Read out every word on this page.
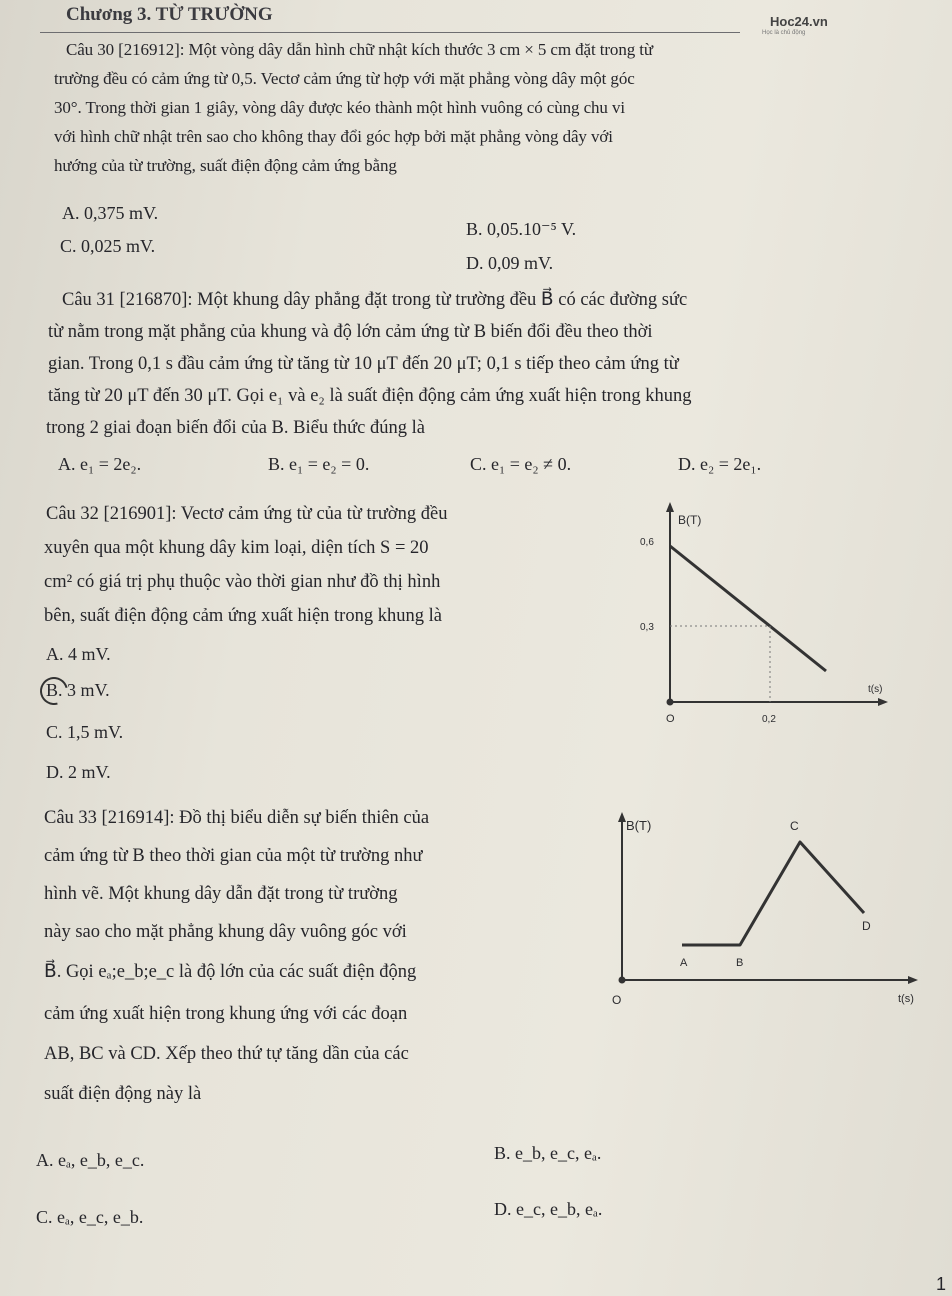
Chương 3. TỪ TRƯỜNG	Hoc24.vn
Học là chủ động
Câu 30 [216912]: Một vòng dây dẫn hình chữ nhật kích thước 3 cm × 5 cm đặt trong từ
trường đều có cảm ứng từ 0,5. Vectơ cảm ứng từ hợp với mặt phẳng vòng dây một góc
30°. Trong thời gian 1 giây, vòng dây được kéo thành một hình vuông có cùng chu vi
với hình chữ nhật trên sao cho không thay đổi góc hợp bởi mặt phẳng vòng dây với
hướng của từ trường, suất điện động cảm ứng bằng
A. 0,375 mV.
B. 0,05.10⁻⁵ V.
C. 0,025 mV.
D. 0,09 mV.
Câu 31 [216870]: Một khung dây phẳng đặt trong từ trường đều B⃗ có các đường sức
từ nằm trong mặt phẳng của khung và độ lớn cảm ứng từ B biến đổi đều theo thời
gian. Trong 0,1 s đầu cảm ứng từ tăng từ 10 μT đến 20 μT; 0,1 s tiếp theo cảm ứng từ
tăng từ 20 μT đến 30 μT. Gọi e₁ và e₂ là suất điện động cảm ứng xuất hiện trong khung
trong 2 giai đoạn biến đổi của B. Biểu thức đúng là
A. e₁ = 2e₂.	B. e₁ = e₂ = 0.	C. e₁ = e₂ ≠ 0.	D. e₂ = 2e₁.
Câu 32 [216901]: Vectơ cảm ứng từ của từ trường đều
xuyên qua một khung dây kim loại, diện tích S = 20
cm² có giá trị phụ thuộc vào thời gian như đồ thị hình
bên, suất điện động cảm ứng xuất hiện trong khung là
A. 4 mV.
B. 3 mV.
C. 1,5 mV.
D. 2 mV.
B(T)
0,6
0,3
t(s)
O	0,2
Câu 33 [216914]: Đồ thị biểu diễn sự biến thiên của
cảm ứng từ B theo thời gian của một từ trường như
hình vẽ. Một khung dây dẫn đặt trong từ trường
này sao cho mặt phẳng khung dây vuông góc với
B⃗. Gọi eₐ;e_b;e_c là độ lớn của các suất điện động
cảm ứng xuất hiện trong khung ứng với các đoạn
AB, BC và CD. Xếp theo thứ tự tăng dần của các
suất điện động này là
A. eₐ, e_b, e_c.	B. e_b, e_c, eₐ.
C. eₐ, e_c, e_b.	D. e_c, e_b, eₐ.
B(T)
A	B
C
D
O	t(s)
1
